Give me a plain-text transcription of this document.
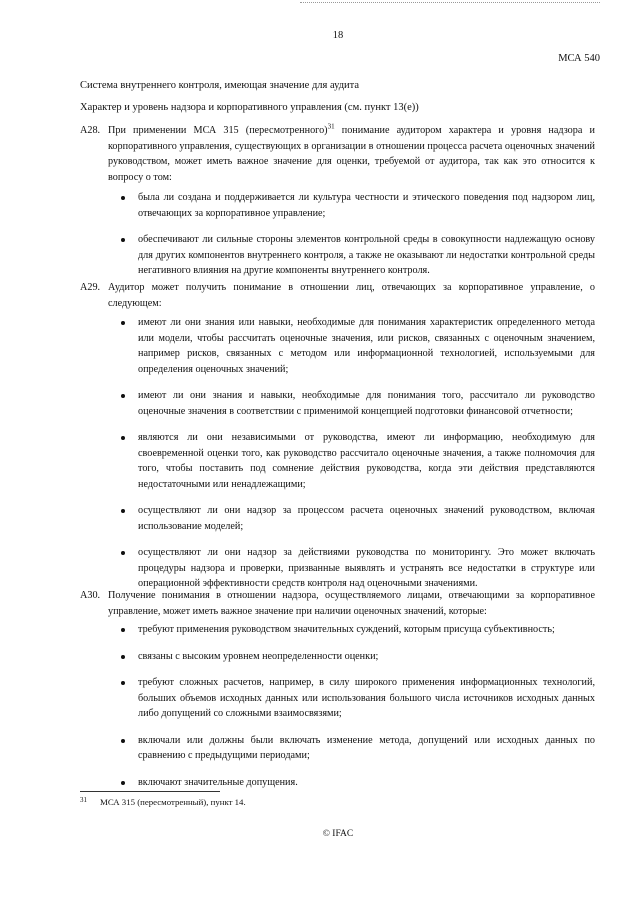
18
МСА 540
Система внутреннего контроля, имеющая значение для аудита
Характер и уровень надзора и корпоративного управления (см. пункт 13(е))
A28. При применении МСА 315 (пересмотренного)$^{31}$ понимание аудитором характера и уровня надзора и корпоративного управления, существующих в организации в отношении процесса расчета оценочных значений руководством, может иметь важное значение для оценки, требуемой от аудитора, так как это относится к вопросу о том:
была ли создана и поддерживается ли культура честности и этического поведения под надзором лиц, отвечающих за корпоративное управление;
обеспечивают ли сильные стороны элементов контрольной среды в совокупности надлежащую основу для других компонентов внутреннего контроля, а также не оказывают ли недостатки контрольной среды негативного влияния на другие компоненты внутреннего контроля.
A29. Аудитор может получить понимание в отношении лиц, отвечающих за корпоративное управление, о следующем:
имеют ли они знания или навыки, необходимые для понимания характеристик определенного метода или модели, чтобы рассчитать оценочные значения, или рисков, связанных с оценочным значением, например рисков, связанных с методом или информационной технологией, используемыми для определения оценочных значений;
имеют ли они знания и навыки, необходимые для понимания того, рассчитало ли руководство оценочные значения в соответствии с применимой концепцией подготовки финансовой отчетности;
являются ли они независимыми от руководства, имеют ли информацию, необходимую для своевременной оценки того, как руководство рассчитало оценочные значения, а также полномочия для того, чтобы поставить под сомнение действия руководства, когда эти действия представляются недостаточными или ненадлежащими;
осуществляют ли они надзор за процессом расчета оценочных значений руководством, включая использование моделей;
осуществляют ли они надзор за действиями руководства по мониторингу. Это может включать процедуры надзора и проверки, призванные выявлять и устранять все недостатки в структуре или операционной эффективности средств контроля над оценочными значениями.
A30. Получение понимания в отношении надзора, осуществляемого лицами, отвечающими за корпоративное управление, может иметь важное значение при наличии оценочных значений, которые:
требуют применения руководством значительных суждений, которым присуща субъективность;
связаны с высоким уровнем неопределенности оценки;
требуют сложных расчетов, например, в силу широкого применения информационных технологий, больших объемов исходных данных или использования большого числа источников исходных данных либо допущений со сложными взаимосвязями;
включали или должны были включать изменение метода, допущений или исходных данных по сравнению с предыдущими периодами;
включают значительные допущения.
31 МСА 315 (пересмотренный), пункт 14.
© IFAC
